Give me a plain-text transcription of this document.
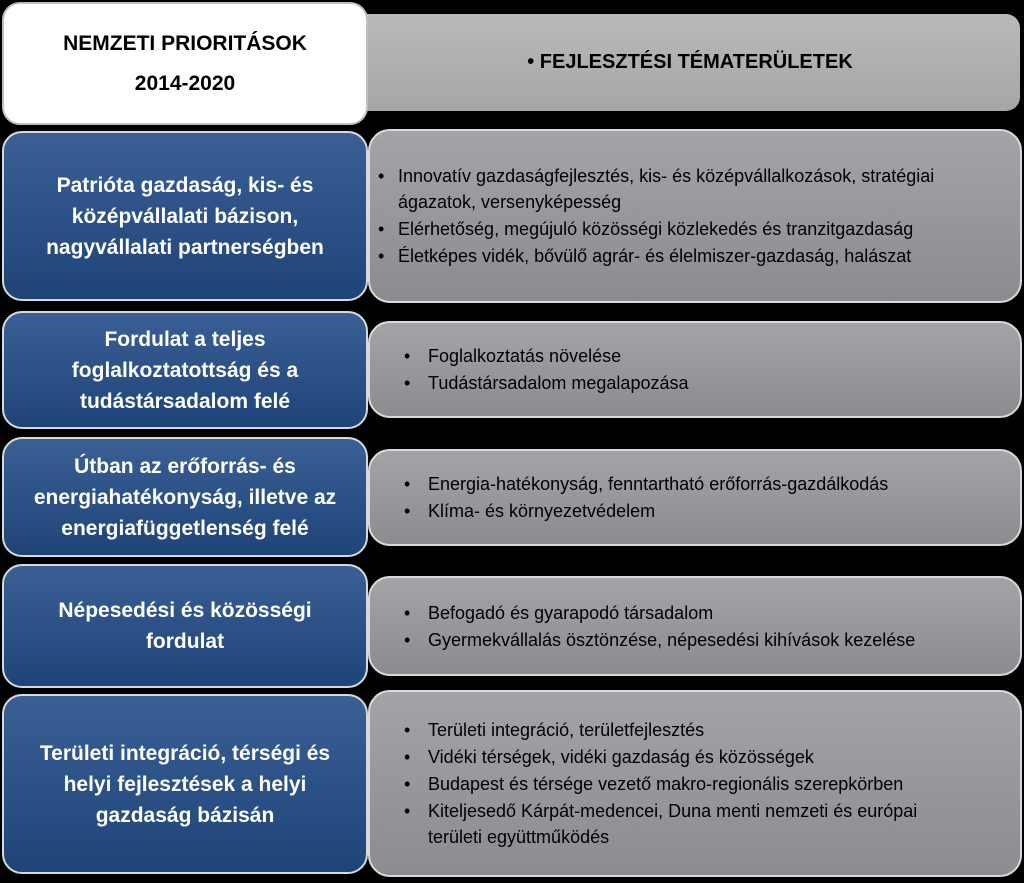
NEMZETI PRIORITÁSOK
2014-2020
• FEJLESZTÉSI TÉMATERÜLETEK
Patrióta gazdaság, kis- és középvállalati bázison, nagyvállalati partnerségben
• Innovatív gazdaságfejlesztés, kis- és középvállalkozások, stratégiai ágazatok, versenyképesség
• Elérhetőség, megújuló közösségi közlekedés és tranzitgazdaság
• Életképes vidék, bővülő agrár- és élelmiszer-gazdaság, halászat
Fordulat a teljes foglalkoztatottság és a tudástársadalom felé
• Foglalkoztatás növelése
• Tudástársadalom megalapozása
Útban az erőforrás- és energiahatékonyság, illetve az energiafüggetlenség felé
• Energia-hatékonyság, fenntartható erőforrás-gazdálkodás
• Klíma- és környezetvédelem
Népesedési és közösségi fordulat
• Befogadó és gyarapodó társadalom
• Gyermekvállalás ösztönzése, népesedési kihívások kezelése
Területi integráció, térségi és helyi fejlesztések a helyi gazdaság bázisán
• Területi integráció, területfejlesztés
• Vidéki térségek, vidéki gazdaság és közösségek
• Budapest és térsége vezető makro-regionális szerepkörben
• Kiteljesedő Kárpát-medencei, Duna menti nemzeti és európai területi együttműködés
